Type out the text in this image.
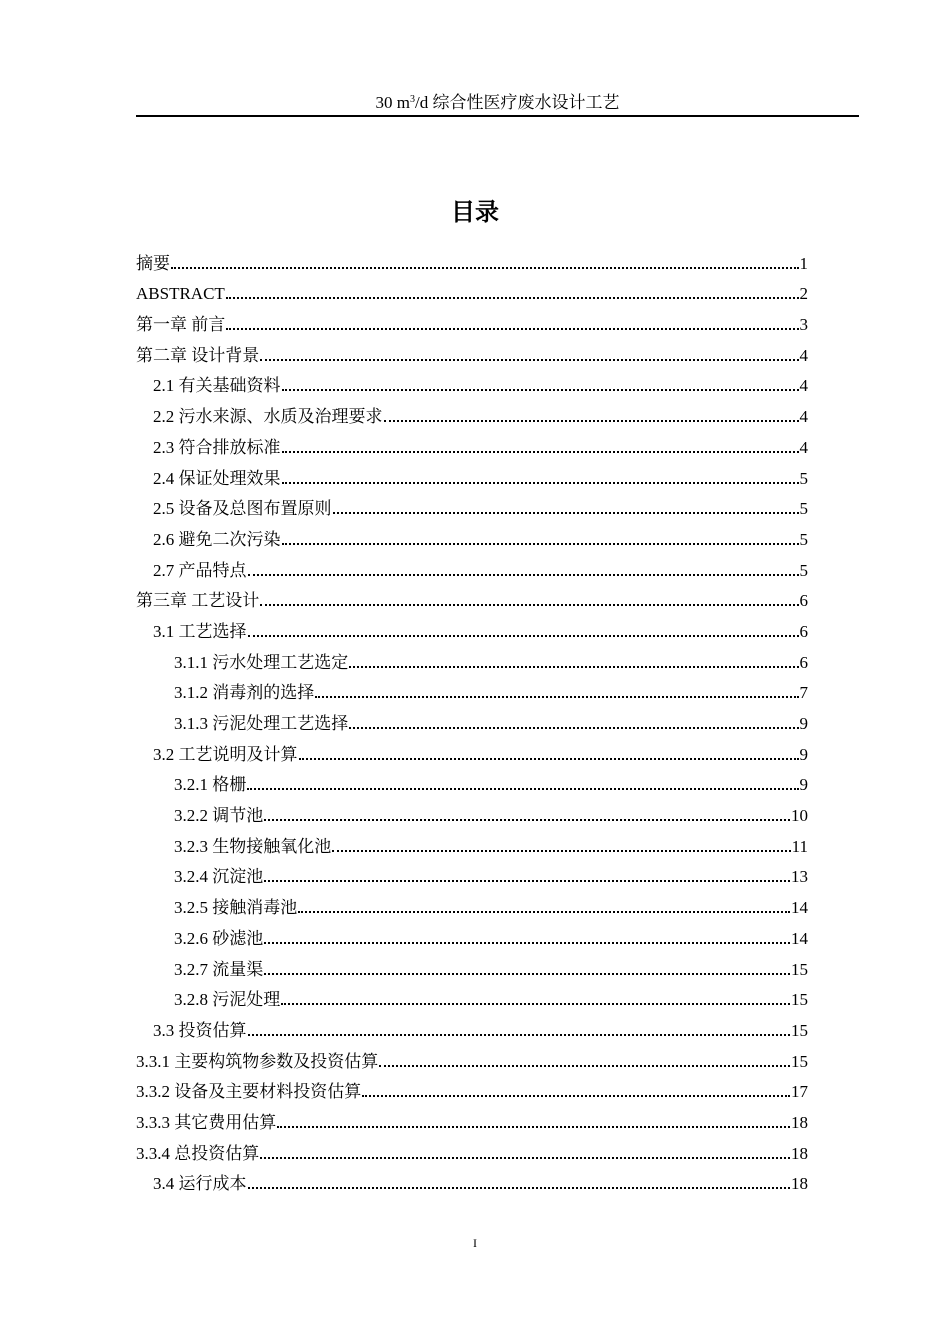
30 $m^3/d$ 综合性医疗废水设计工艺
目录
摘要	1
ABSTRACT	2
第一章 前言	3
第二章 设计背景	4
2.1 有关基础资料	4
2.2 污水来源、水质及治理要求	4
2.3 符合排放标准	4
2.4 保证处理效果	5
2.5 设备及总图布置原则	5
2.6 避免二次污染	5
2.7 产品特点	5
第三章 工艺设计	6
3.1 工艺选择	6
3.1.1 污水处理工艺选定	6
3.1.2 消毒剂的选择	7
3.1.3 污泥处理工艺选择	9
3.2 工艺说明及计算	9
3.2.1 格栅	9
3.2.2 调节池	10
3.2.3 生物接触氧化池	11
3.2.4 沉淀池	13
3.2.5 接触消毒池	14
3.2.6 砂滤池	14
3.2.7 流量渠	15
3.2.8 污泥处理	15
3.3 投资估算	15
3.3.1 主要构筑物参数及投资估算	15
3.3.2 设备及主要材料投资估算	17
3.3.3 其它费用估算	18
3.3.4 总投资估算	18
3.4 运行成本	18
I
